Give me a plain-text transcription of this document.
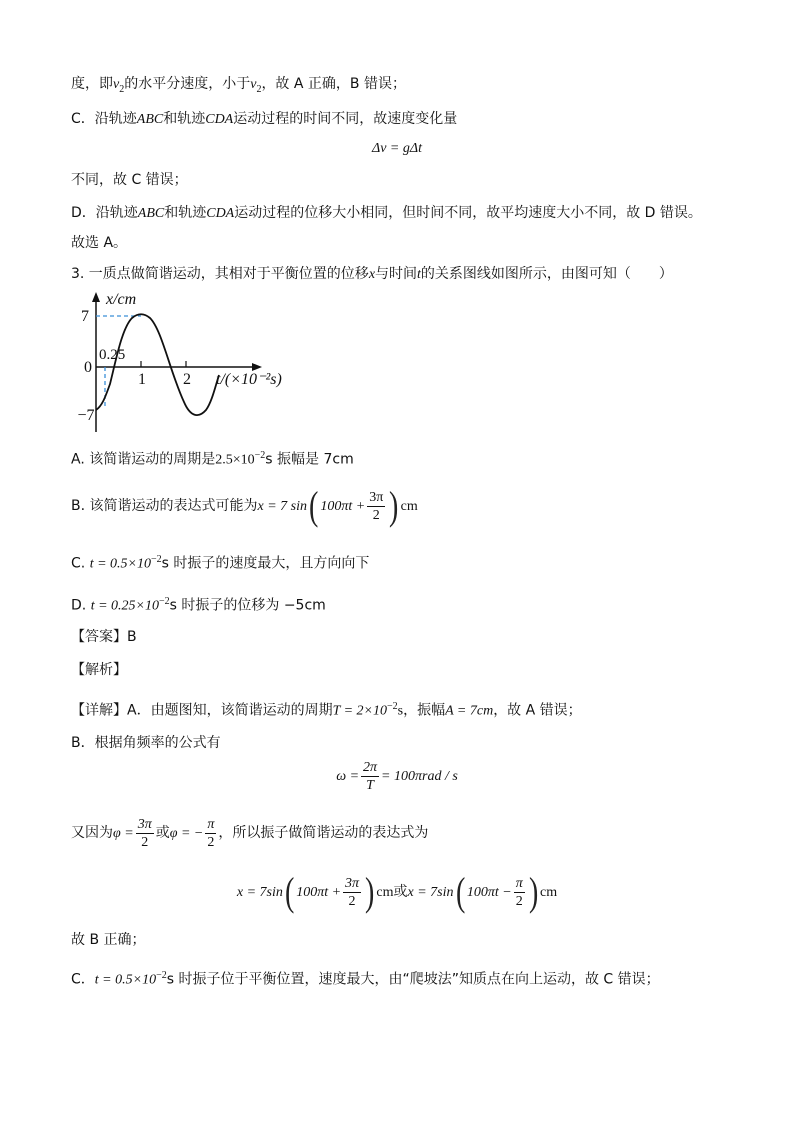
度，即$v_2$的水平分速度，小于$v_2$，故 A 正确，B 错误；
C．沿轨迹ABC和轨迹CDA运动过程的时间不同，故速度变化量
Δv = gΔt
不同，故 C 错误；
D．沿轨迹ABC和轨迹CDA运动过程的位移大小相同，但时间不同，故平均速度大小不同，故 D 错误。
故选 A。
3. 一质点做简谐运动，其相对于平衡位置的位移x与时间t的关系图线如图所示，由图可知（　　）
x/cm
7
0
−7
0.25
1 2 t/(×10⁻²s)
A. 该简谐运动的周期是$2.5\times 10^{-2}s$ 振幅是 7cm
B. 该简谐运动的表达式可能为x = 7 sin( $100\pi t + \frac{3\pi}{2}$ ) cm
C. $t = 0.5\times 10^{-2}s$ 时振子的速度最大，且方向向下
D. $t = 0.25\times 10^{-2}s$ 时振子的位移为 −5cm
【答案】B
【解析】
【详解】A．由题图知，该简谐运动的周期$T = 2\times 10^{-2}s$，振幅A = 7cm，故 A 错误；
B．根据角频率的公式有
$\omega = \frac{2\pi}{T} = 100\pi rad / s$
又因为$\varphi = \frac{3\pi}{2}$ 或φ = − $\frac{\pi}{2}$ ，所以振子做简谐运动的表达式为
x = 7sin( $100\pi t + \frac{3\pi}{2}$ ) cm或x = 7sin( $100\pi t - \frac{\pi}{2}$ ) cm
故 B 正确；
C．$t = 0.5\times 10^{-2}s$ 时振子位于平衡位置，速度最大，由“爬坡法”知质点在向上运动，故 C 错误；
